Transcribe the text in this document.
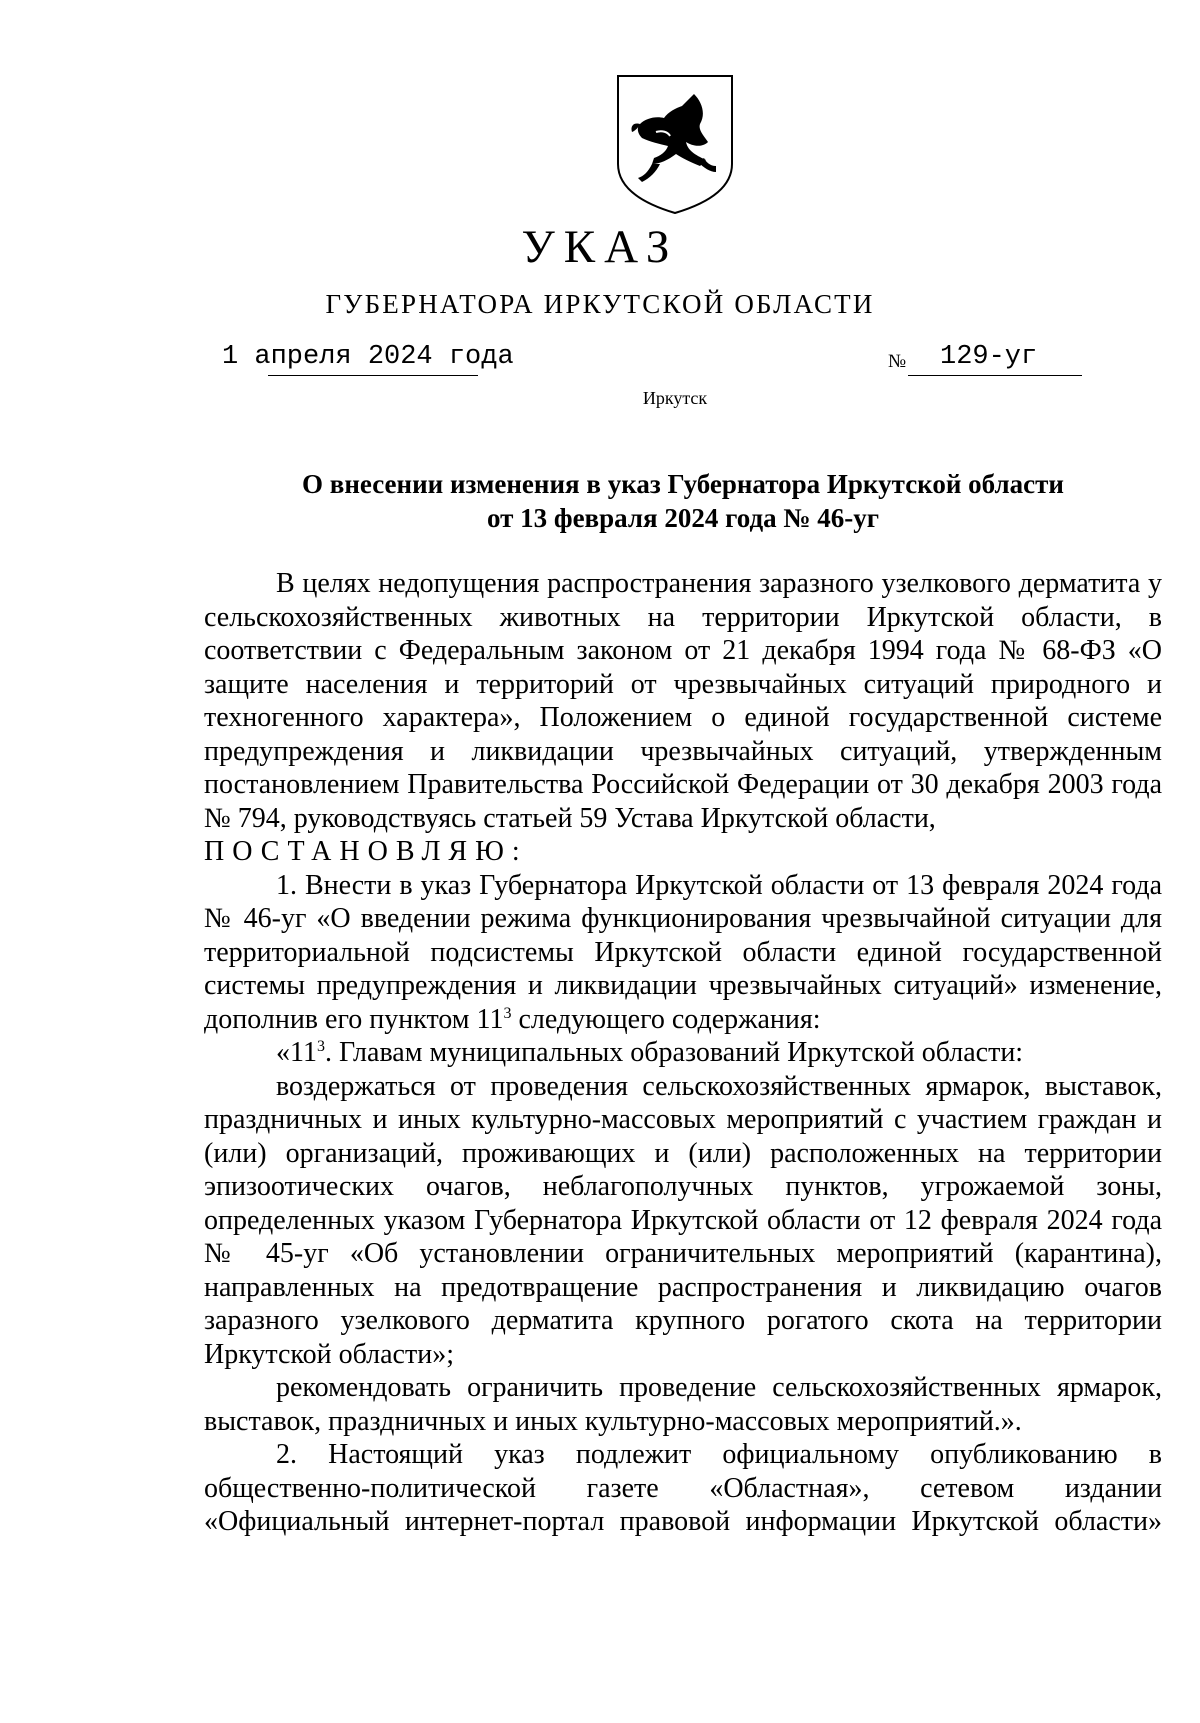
УКАЗ
ГУБЕРНАТОРА ИРКУТСКОЙ ОБЛАСТИ
1 апреля 2024 года	№ 129-уг
Иркутск
О внесении изменения в указ Губернатора Иркутской области
от 13 февраля 2024 года № 46-уг

В целях недопущения распространения заразного узелкового дерматита у сельскохозяйственных животных на территории Иркутской области, в соответствии с Федеральным законом от 21 декабря 1994 года № 68-ФЗ «О защите населения и территорий от чрезвычайных ситуаций природного и техногенного характера», Положением о единой государственной системе предупреждения и ликвидации чрезвычайных ситуаций, утвержденным постановлением Правительства Российской Федерации от 30 декабря 2003 года № 794, руководствуясь статьей 59 Устава Иркутской области,

ПОСТАНОВЛЯЮ:

1. Внести в указ Губернатора Иркутской области от 13 февраля 2024 года № 46-уг «О введении режима функционирования чрезвычайной ситуации для территориальной подсистемы Иркутской области единой государственной системы предупреждения и ликвидации чрезвычайных ситуаций» изменение, дополнив его пунктом $11^3$ следующего содержания:

«$11^3$. Главам муниципальных образований Иркутской области:

воздержаться от проведения сельскохозяйственных ярмарок, выставок, праздничных и иных культурно-массовых мероприятий с участием граждан и (или) организаций, проживающих и (или) расположенных на территории эпизоотических очагов, неблагополучных пунктов, угрожаемой зоны, определенных указом Губернатора Иркутской области от 12 февраля 2024 года № 45-уг «Об установлении ограничительных мероприятий (карантина), направленных на предотвращение распространения и ликвидацию очагов заразного узелкового дерматита крупного рогатого скота на территории Иркутской области»;

рекомендовать ограничить проведение сельскохозяйственных ярмарок, выставок, праздничных и иных культурно-массовых мероприятий.».

2. Настоящий указ подлежит официальному опубликованию в общественно-политической газете «Областная», сетевом издании «Официальный интернет-портал правовой информации Иркутской области»
